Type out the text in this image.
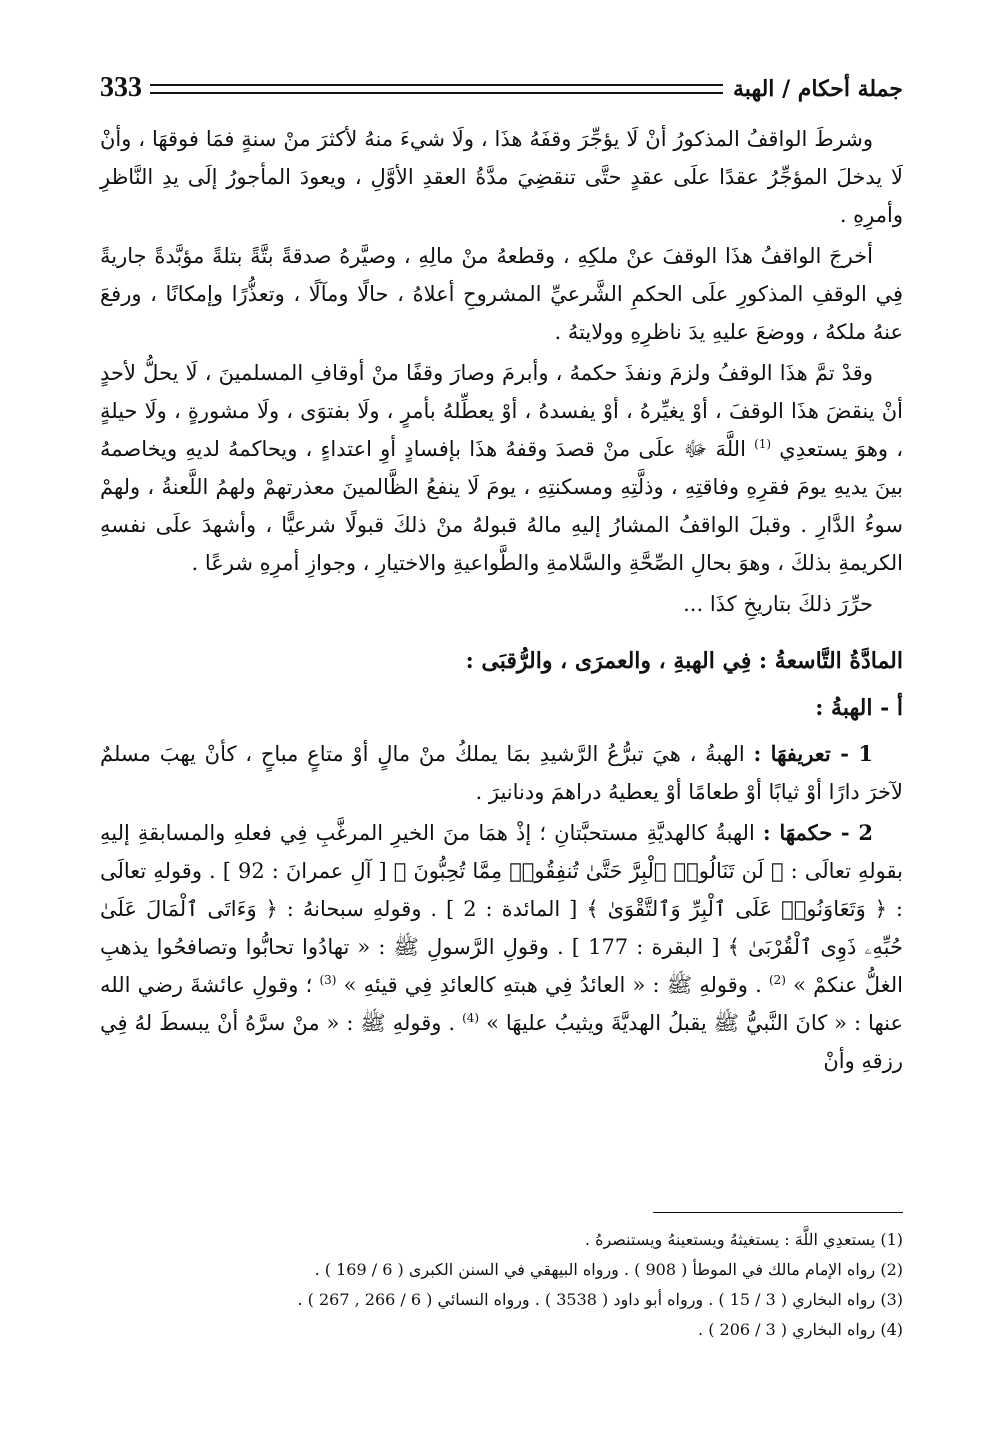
333	جملة أحكام / الهبة

وشرطَ الواقفُ المذكورُ أنْ لَا يؤجِّرَ وقفَهُ هذَا ، ولَا شيءَ منهُ لأكثرَ منْ سنةٍ فمَا فوقهَا ، وأنْ لَا يدخلَ المؤجِّرُ عقدًا علَى عقدٍ حتَّى تنقضِيَ مدَّةُ العقدِ الأوَّلِ ، ويعودَ المأجورُ إلَى يدِ النَّاظرِ وأمرِهِ .

أخرجَ الواقفُ هذَا الوقفَ عنْ ملكِهِ ، وقطعهُ منْ مالِهِ ، وصيَّرهُ صدقةً بتَّةً بتلةً مؤبَّدةً جاريةً فِي الوقفِ المذكورِ علَى الحكمِ الشَّرعيِّ المشروحِ أعلاهُ ، حالًا ومآلًا ، وتعذُّرًا وإمكانًا ، ورفعَ عنهُ ملكهُ ، ووضعَ عليهِ يدَ ناظرِهِ وولايتهُ .

وقدْ تمَّ هذَا الوقفُ ولزمَ ونفذَ حكمهُ ، وأبرمَ وصارَ وقفًا منْ أوقافِ المسلمينَ ، لَا يحلُّ لأحدٍ أنْ ينقضَ هذَا الوقفَ ، أوْ يغيِّرهُ ، أوْ يفسدهُ ، أوْ يعطِّلهُ بأمرٍ ، ولَا بفتوَى ، ولَا مشورةٍ ، ولَا حيلةٍ ، وهوَ يستعدِي $^{(1)}$ اللَّهَ ﷻ علَى منْ قصدَ وقفهُ هذَا بإفسادٍ أوِ اعتداءٍ ، ويحاكمهُ لديهِ ويخاصمهُ بينَ يديهِ يومَ فقرِهِ وفاقتِهِ ، وذلَّتِهِ ومسكنتِهِ ، يومَ لَا ينفعُ الظَّالمينَ معذرتهمْ ولهمُ اللَّعنةُ ، ولهمْ سوءُ الدَّارِ . وقبلَ الواقفُ المشارُ إليهِ مالهُ قبولهُ منْ ذلكَ قبولًا شرعيًّا ، وأشهدَ علَى نفسهِ الكريمةِ بذلكَ ، وهوَ بحالِ الصِّحَّةِ والسَّلامةِ والطَّواعيةِ والاختيارِ ، وجوازِ أمرِهِ شرعًا .

حرِّرَ ذلكَ بتاريخِ كذَا ...

المادَّةُ التَّاسعةُ : فِي الهبةِ ، والعمرَى ، والرُّقبَى :

أ - الهبةُ :

1 - تعريفهَا : الهبةُ ، هيَ تبرُّعُ الرَّشيدِ بمَا يملكُ منْ مالٍ أوْ متاعٍ مباحٍ ، كأنْ يهبَ مسلمٌ لآخرَ دارًا أوْ ثيابًا أوْ طعامًا أوْ يعطيهُ دراهمَ ودنانيرَ .

2 - حكمهَا : الهبةُ كالهديَّةِ مستحبَّتانِ ؛ إذْ همَا منَ الخيرِ المرغَّبِ فِي فعلهِ والمسابقةِ إليهِ بقولهِ تعالَى : ﴿ لَن تَنَالُوا۟ ٱلْبِرَّ حَتَّىٰ تُنفِقُوا۟ مِمَّا تُحِبُّونَ ﴾ [ آلِ عمرانَ : 92 ] . وقولهِ تعالَى : ﴿ وَتَعَاوَنُوا۟ عَلَى ٱلْبِرِّ وَٱلتَّقْوَىٰ ﴾ [ المائدة : 2 ] . وقولهِ سبحانهُ : ﴿ وَءَاتَى ٱلْمَالَ عَلَىٰ حُبِّهِۦ ذَوِى ٱلْقُرْبَىٰ ﴾ [ البقرة : 177 ] . وقولِ الرَّسولِ ﷺ : « تهادُوا تحابُّوا وتصافحُوا يذهبِ الغلُّ عنكمْ » $^{(2)}$ . وقولهِ ﷺ : « العائدُ فِي هبتهِ كالعائدِ فِي قيئهِ » $^{(3)}$ ؛ وقولِ عائشةَ رضي الله عنها : « كانَ النَّبيُّ ﷺ يقبلُ الهديَّةَ ويثيبُ عليهَا » $^{(4)}$ . وقولهِ ﷺ : « منْ سرَّهُ أنْ يبسطَ لهُ فِي رزقهِ وأنْ

(1) يستعدِي اللَّهَ : يستغيثهُ ويستعينهُ ويستنصرهُ .

(2) رواه الإمام مالك في الموطأ ( 908 ) . ورواه البيهقي في السنن الكبرى ( 6 / 169 ) .

(3) رواه البخاري ( 3 / 15 ) . ورواه أبو داود ( 3538 ) . ورواه النسائي ( 6 / 266 , 267 ) .

(4) رواه البخاري ( 3 / 206 ) .
